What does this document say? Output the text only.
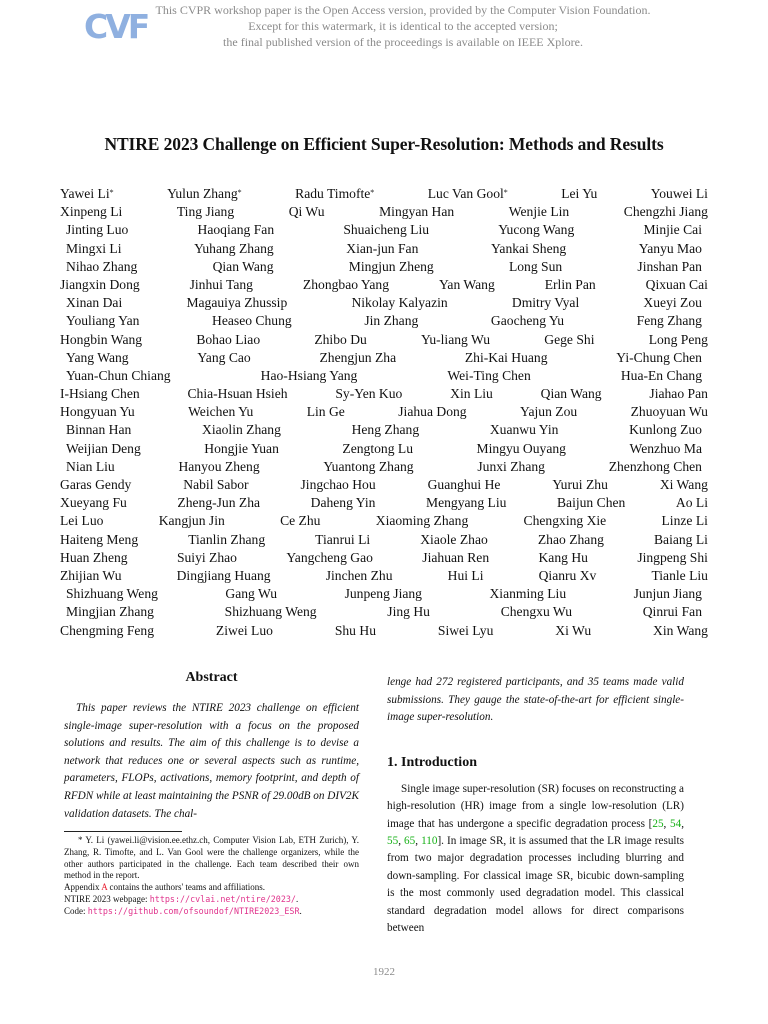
CVF This CVPR workshop paper is the Open Access version, provided by the Computer Vision Foundation.
Except for this watermark, it is identical to the accepted version;
the final published version of the proceedings is available on IEEE Xplore.
NTIRE 2023 Challenge on Efficient Super-Resolution: Methods and Results
Yawei Li*	Yulun Zhang*	Radu Timofte*	Luc Van Gool*	Lei Yu	Youwei Li
Xinpeng Li	Ting Jiang	Qi Wu	Mingyan Han	Wenjie Lin	Chengzhi Jiang
Jinting Luo	Haoqiang Fan	Shuaicheng Liu	Yucong Wang	Minjie Cai
Mingxi Li	Yuhang Zhang	Xian-jun Fan	Yankai Sheng	Yanyu Mao
Nihao Zhang	Qian Wang	Mingjun Zheng	Long Sun	Jinshan Pan
Jiangxin Dong	Jinhui Tang	Zhongbao Yang	Yan Wang	Erlin Pan	Qixuan Cai
Xinan Dai	Magauiya Zhussip	Nikolay Kalyazin	Dmitry Vyal	Xueyi Zou
Youliang Yan	Heaseo Chung	Jin Zhang	Gaocheng Yu	Feng Zhang
Hongbin Wang	Bohao Liao	Zhibo Du	Yu-liang Wu	Gege Shi	Long Peng
Yang Wang	Yang Cao	Zhengjun Zha	Zhi-Kai Huang	Yi-Chung Chen
Yuan-Chun Chiang	Hao-Hsiang Yang	Wei-Ting Chen	Hua-En Chang
I-Hsiang Chen	Chia-Hsuan Hsieh	Sy-Yen Kuo	Xin Liu	Qian Wang	Jiahao Pan
Hongyuan Yu	Weichen Yu	Lin Ge	Jiahua Dong	Yajun Zou	Zhuoyuan Wu
Binnan Han	Xiaolin Zhang	Heng Zhang	Xuanwu Yin	Kunlong Zuo
Weijian Deng	Hongjie Yuan	Zengtong Lu	Mingyu Ouyang	Wenzhuo Ma
Nian Liu	Hanyou Zheng	Yuantong Zhang	Junxi Zhang	Zhenzhong Chen
Garas Gendy	Nabil Sabor	Jingchao Hou	Guanghui He	Yurui Zhu	Xi Wang
Xueyang Fu	Zheng-Jun Zha	Daheng Yin	Mengyang Liu	Baijun Chen	Ao Li
Lei Luo	Kangjun Jin	Ce Zhu	Xiaoming Zhang	Chengxing Xie	Linze Li
Haiteng Meng	Tianlin Zhang	Tianrui Li	Xiaole Zhao	Zhao Zhang	Baiang Li
Huan Zheng	Suiyi Zhao	Yangcheng Gao	Jiahuan Ren	Kang Hu	Jingpeng Shi
Zhijian Wu	Dingjiang Huang	Jinchen Zhu	Hui Li	Qianru Xv	Tianle Liu
Shizhuang Weng	Gang Wu	Junpeng Jiang	Xianming Liu	Junjun Jiang
Mingjian Zhang	Shizhuang Weng	Jing Hu	Chengxu Wu	Qinrui Fan
Chengming Feng	Ziwei Luo	Shu Hu	Siwei Lyu	Xi Wu	Xin Wang
Abstract

This paper reviews the NTIRE 2023 challenge on efficient single-image super-resolution with a focus on the proposed solutions and results. The aim of this challenge is to devise a network that reduces one or several aspects such as runtime, parameters, FLOPs, activations, memory footprint, and depth of RFDN while at least maintaining the PSNR of 29.00dB on DIV2K validation datasets. The chal-

* Y. Li (yawei.li@vision.ee.ethz.ch, Computer Vision Lab, ETH Zurich), Y. Zhang, R. Timofte, and L. Van Gool were the challenge organizers, while the other authors participated in the challenge. Each team described their own method in the report.

Appendix A contains the authors' teams and affiliations.

NTIRE 2023 webpage: https://cvlai.net/ntire/2023/.

Code: https://github.com/ofsoundof/NTIRE2023_ESR.

lenge had 272 registered participants, and 35 teams made valid submissions. They gauge the state-of-the-art for efficient single-image super-resolution.

1. Introduction

Single image super-resolution (SR) focuses on reconstructing a high-resolution (HR) image from a single low-resolution (LR) image that has undergone a specific degradation process [25, 54, 55, 65, 110]. In image SR, it is assumed that the LR image results from two major degradation processes including blurring and down-sampling. For classical image SR, bicubic down-sampling is the most commonly used degradation model. This classical standard degradation model allows for direct comparisons between

1922
